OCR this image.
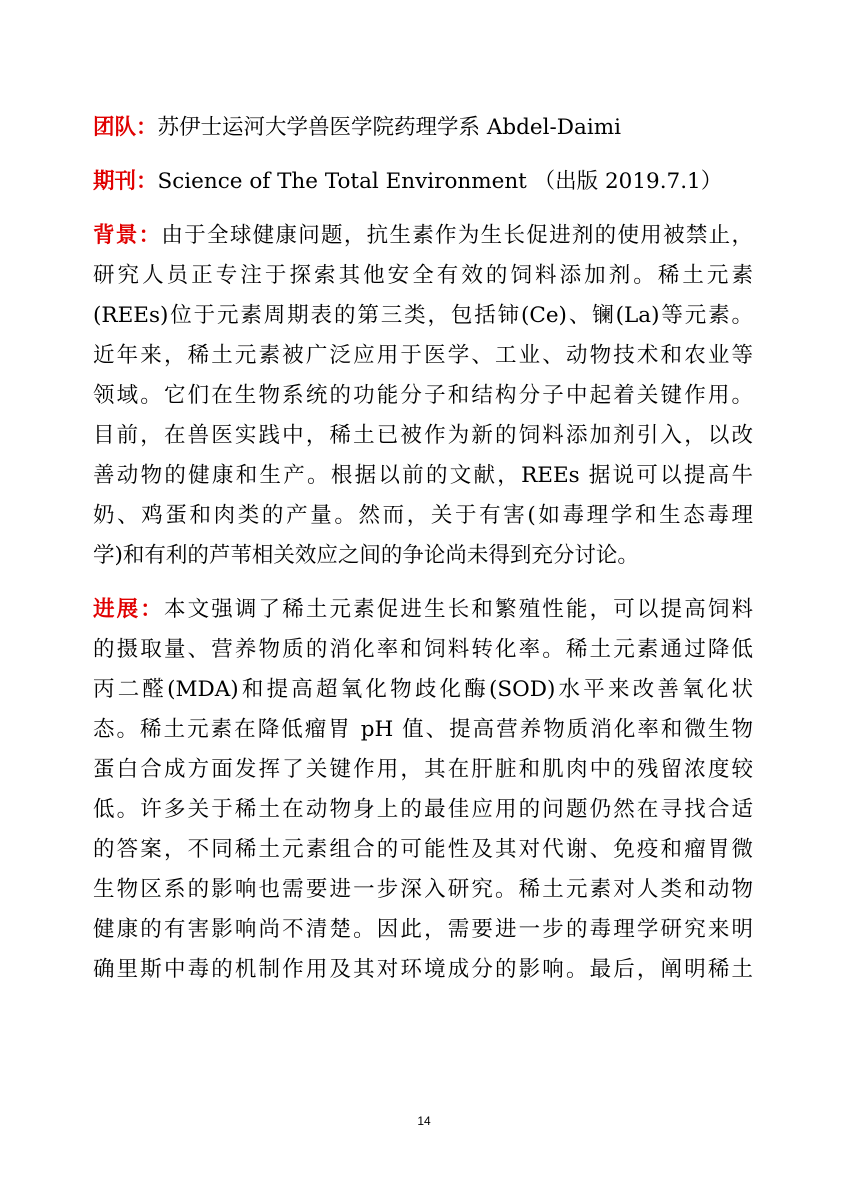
团队：苏伊士运河大学兽医学院药理学系 Abdel-Daimi
期刊：Science of The Total Environment （出版 2019.7.1）
背景：由于全球健康问题，抗生素作为生长促进剂的使用被禁止，
研究人员正专注于探索其他安全有效的饲料添加剂。稀土元素
(REEs)位于元素周期表的第三类，包括铈(Ce)、镧(La)等元素。
近年来，稀土元素被广泛应用于医学、工业、动物技术和农业等
领域。它们在生物系统的功能分子和结构分子中起着关键作用。
目前，在兽医实践中，稀土已被作为新的饲料添加剂引入，以改
善动物的健康和生产。根据以前的文献，REEs 据说可以提高牛
奶、鸡蛋和肉类的产量。然而，关于有害(如毒理学和生态毒理
学)和有利的芦苇相关效应之间的争论尚未得到充分讨论。
进展：本文强调了稀土元素促进生长和繁殖性能，可以提高饲料
的摄取量、营养物质的消化率和饲料转化率。稀土元素通过降低
丙二醛(MDA)和提高超氧化物歧化酶(SOD)水平来改善氧化状
态。稀土元素在降低瘤胃 pH 值、提高营养物质消化率和微生物
蛋白合成方面发挥了关键作用，其在肝脏和肌肉中的残留浓度较
低。许多关于稀土在动物身上的最佳应用的问题仍然在寻找合适
的答案，不同稀土元素组合的可能性及其对代谢、免疫和瘤胃微
生物区系的影响也需要进一步深入研究。稀土元素对人类和动物
健康的有害影响尚不清楚。因此，需要进一步的毒理学研究来明
确里斯中毒的机制作用及其对环境成分的影响。最后，阐明稀土
14
